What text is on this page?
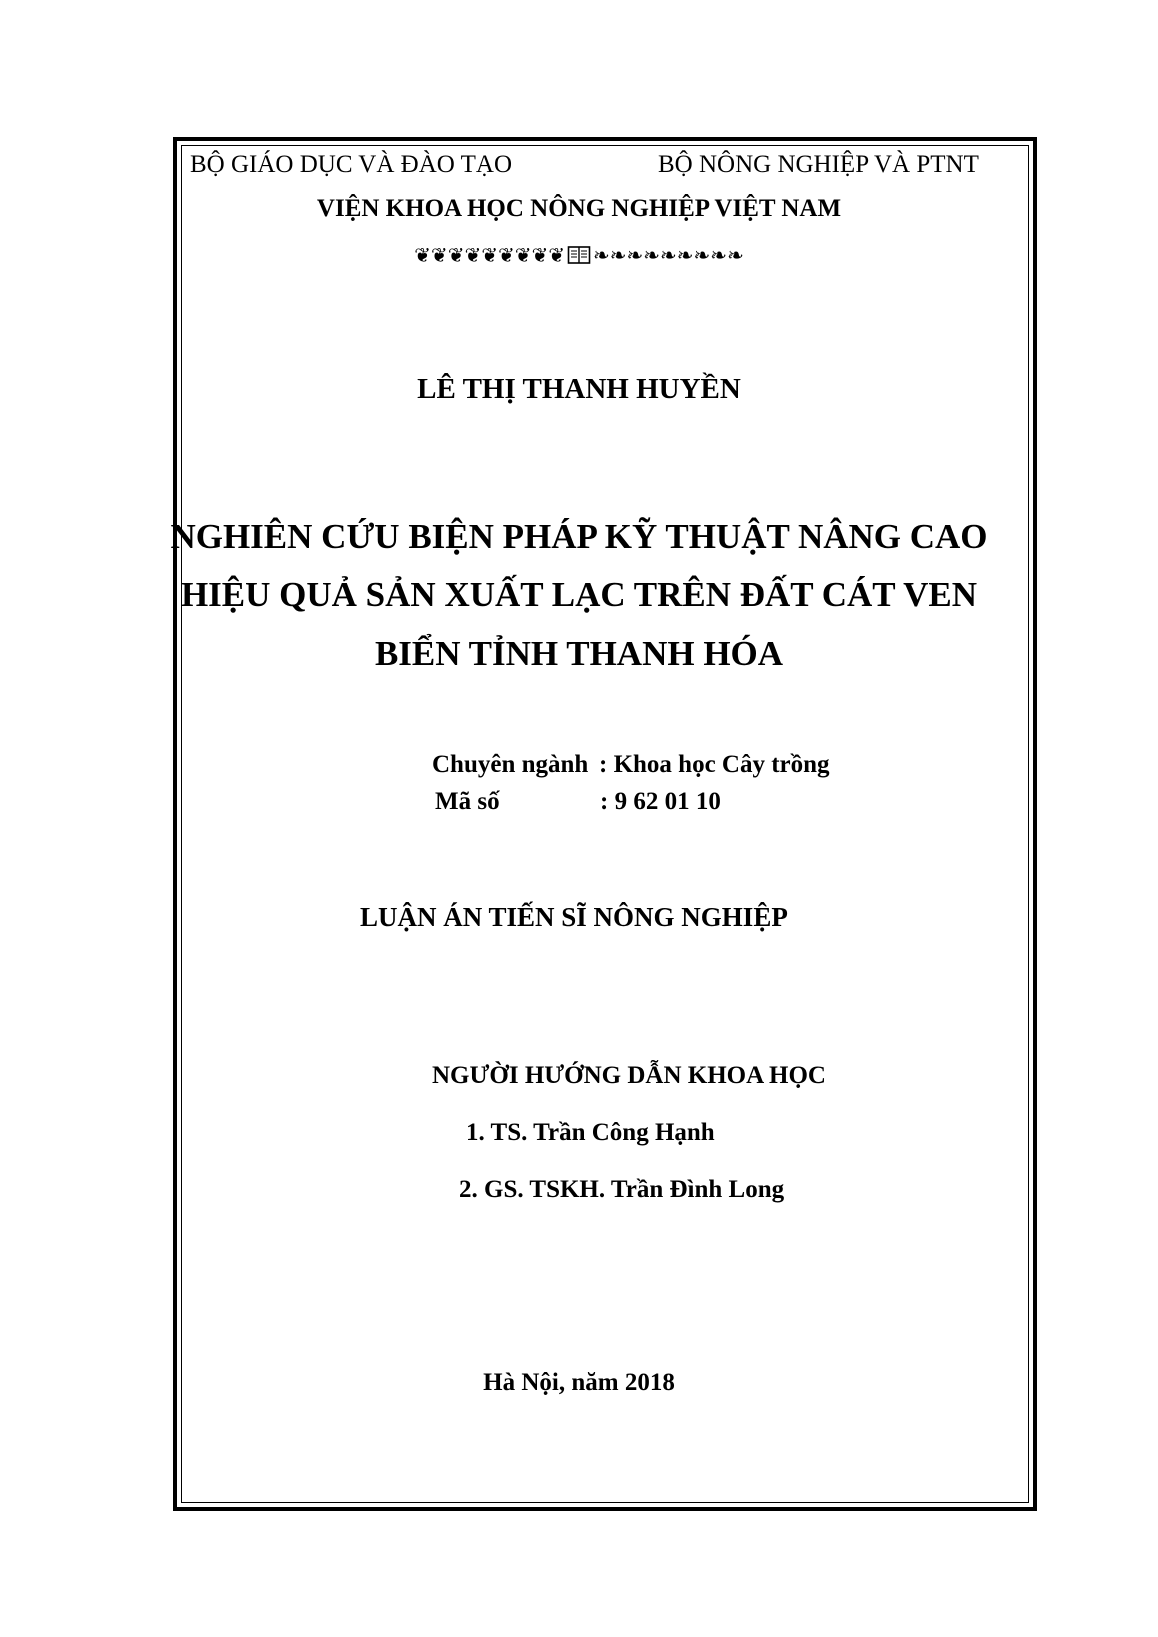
BỘ GIÁO DỤC VÀ ĐÀO TẠO	BỘ NÔNG NGHIỆP VÀ PTNT
VIỆN KHOA HỌC NÔNG NGHIỆP VIỆT NAM
❦❦❦❦❦❦❦❦❦ ❧❧❧❧❧❧❧❧❧
LÊ THỊ THANH HUYỀN
NGHIÊN CỨU BIỆN PHÁP KỸ THUẬT NÂNG CAO
HIỆU QUẢ SẢN XUẤT LẠC TRÊN ĐẤT CÁT VEN
BIỂN TỈNH THANH HÓA
Chuyên ngành : Khoa học Cây trồng
Mã số	: 9 62 01 10
LUẬN ÁN TIẾN SĨ NÔNG NGHIỆP
NGƯỜI HƯỚNG DẪN KHOA HỌC
1. TS. Trần Công Hạnh
2. GS. TSKH. Trần Đình Long
Hà Nội, năm 2018
